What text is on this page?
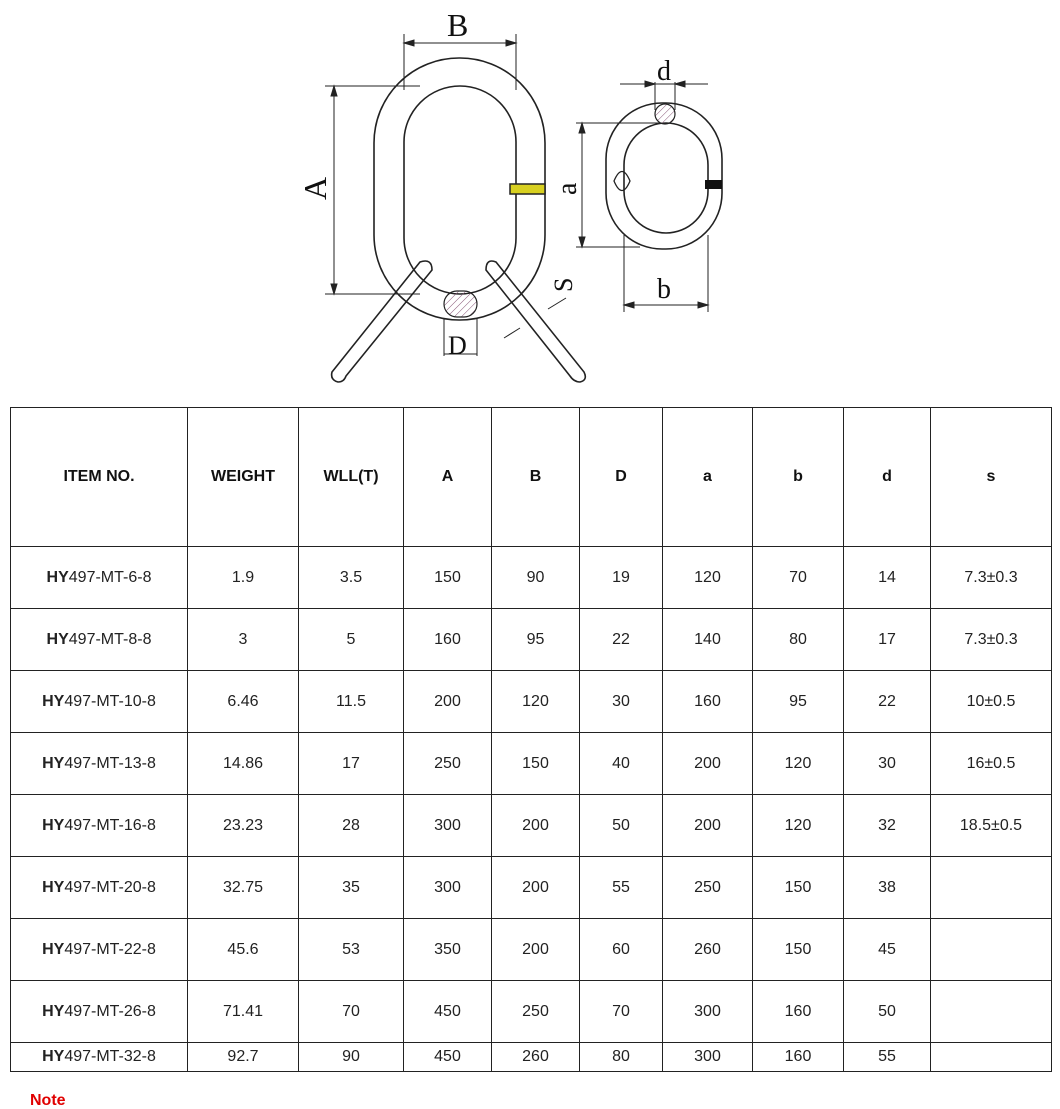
B
A
D
S
d
a
b
ITEM NO.	WEIGHT	WLL(T)	A	B	D	a	b	d	s
HY497-MT-6-8	1.9	3.5	150	90	19	120	70	14	7.3±0.3
HY497-MT-8-8	3	5	160	95	22	140	80	17	7.3±0.3
HY497-MT-10-8	6.46	11.5	200	120	30	160	95	22	10±0.5
HY497-MT-13-8	14.86	17	250	150	40	200	120	30	16±0.5
HY497-MT-16-8	23.23	28	300	200	50	200	120	32	18.5±0.5
HY497-MT-20-8	32.75	35	300	200	55	250	150	38	
HY497-MT-22-8	45.6	53	350	200	60	260	150	45	
HY497-MT-26-8	71.41	70	450	250	70	300	160	50	
HY497-MT-32-8	92.7	90	450	260	80	300	160	55	
Note
